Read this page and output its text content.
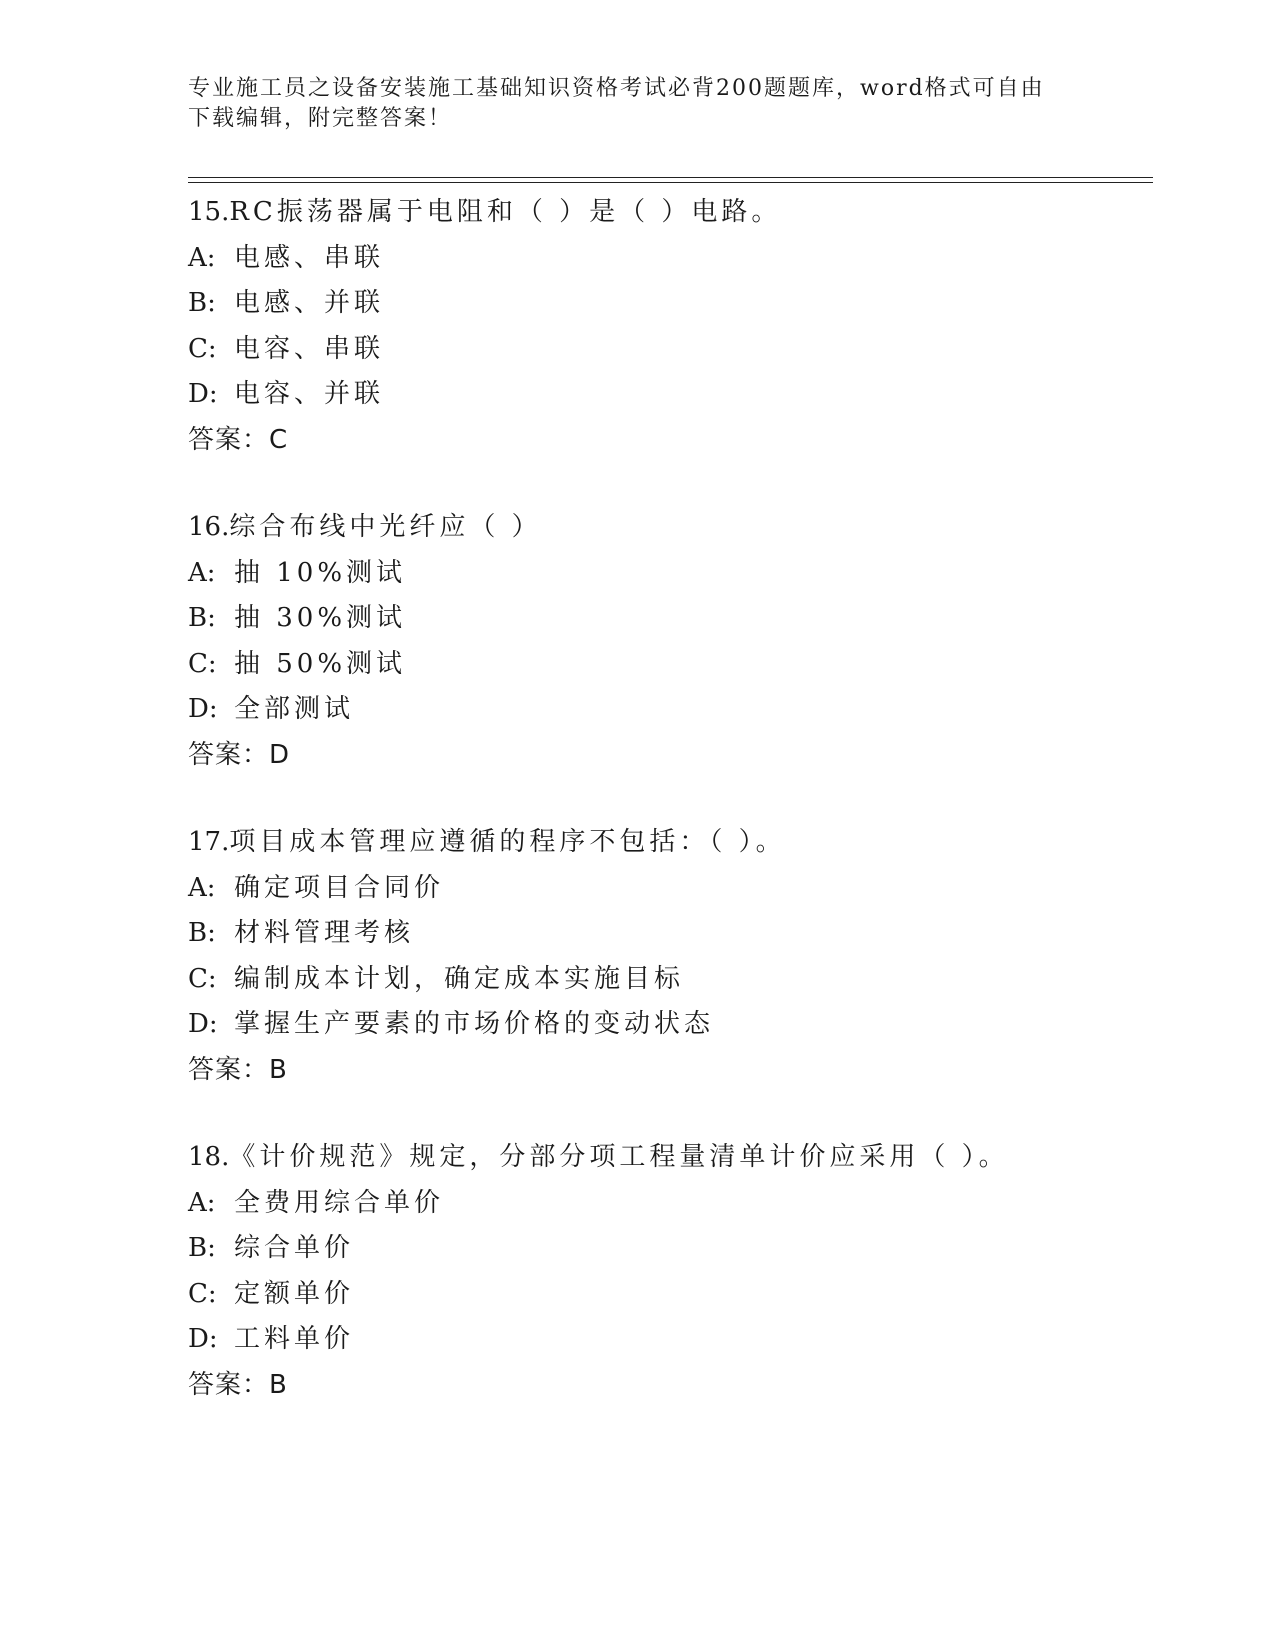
专业施工员之设备安装施工基础知识资格考试必背200题题库，word格式可自由
下载编辑，附完整答案！
15.RC振荡器属于电阻和（ ）是（ ）电路。
A: 电感、串联
B: 电感、并联
C: 电容、串联
D: 电容、并联
答案：C
16.综合布线中光纤应（ ）
A: 抽 10%测试
B: 抽 30%测试
C: 抽 50%测试
D: 全部测试
答案：D
17.项目成本管理应遵循的程序不包括：（ ）。
A: 确定项目合同价
B: 材料管理考核
C: 编制成本计划，确定成本实施目标
D: 掌握生产要素的市场价格的变动状态
答案：B
18.《计价规范》规定，分部分项工程量清单计价应采用（ ）。
A: 全费用综合单价
B: 综合单价
C: 定额单价
D: 工料单价
答案：B
